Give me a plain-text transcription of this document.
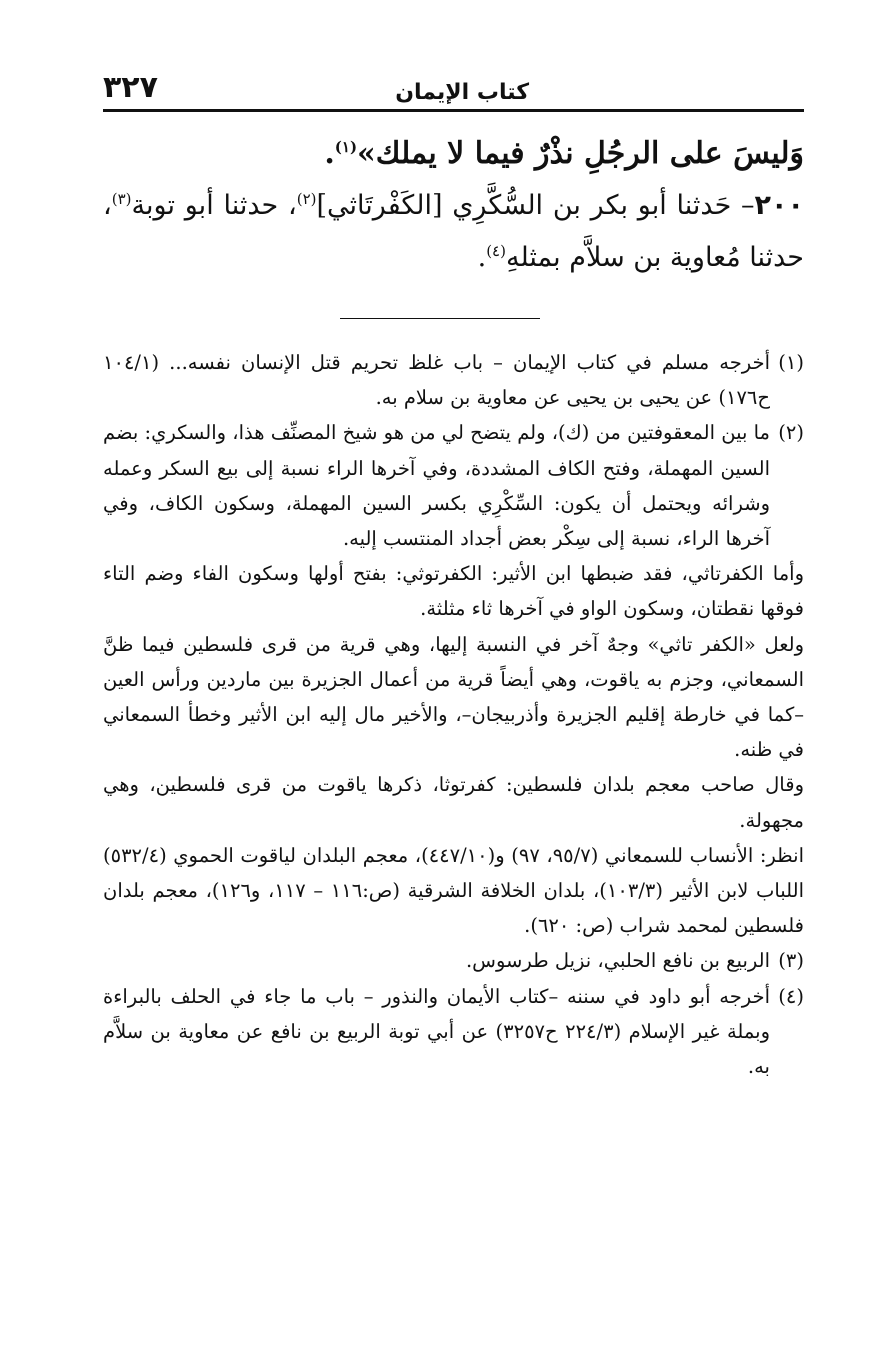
كتاب الإيمان
٣٢٧

وَليسَ على الرجُلِ نذْرٌ فيما لا يملك»$^{(١)}$.

٢٠٠– حَدثنا أبو بكر بن السُّكَّرِي [الكَفْرتَاثي]$^{(٢)}$، حدثنا أبو توبة$^{(٣)}$، حدثنا مُعاوية بن سلاَّم بمثلهِ$^{(٤)}$.

(١)
أخرجه مسلم في كتاب الإيمان – باب غلظ تحريم قتل الإنسان نفسه... (١٠٤/١ ح١٧٦) عن يحيى بن يحيى عن معاوية بن سلام به.
(٢)
ما بين المعقوفتين من (ك)، ولم يتضح لي من هو شيخ المصنِّف هذا، والسكري: بضم السين المهملة، وفتح الكاف المشددة، وفي آخرها الراء نسبة إلى بيع السكر وعمله وشرائه ويحتمل أن يكون: السِّكْرِي بكسر السين المهملة، وسكون الكاف، وفي آخرها الراء، نسبة إلى سِكْر بعض أجداد المنتسب إليه.

وأما الكفرتاثي، فقد ضبطها ابن الأثير: الكفرتوثي: بفتح أولها وسكون الفاء وضم التاء فوقها نقطتان، وسكون الواو في آخرها ثاء مثلثة.

ولعل «الكفر تاثي» وجهٌ آخر في النسبة إليها، وهي قرية من قرى فلسطين فيما ظنَّ السمعاني، وجزم به ياقوت، وهي أيضاً قرية من أعمال الجزيرة بين ماردين ورأس العين –كما في خارطة إقليم الجزيرة وأذربيجان–، والأخير مال إليه ابن الأثير وخطأ السمعاني في ظنه.

وقال صاحب معجم بلدان فلسطين: كفرتوثا، ذكرها ياقوت من قرى فلسطين، وهي مجهولة.

انظر: الأنساب للسمعاني (٩٥/٧، ٩٧) و(٤٤٧/١٠)، معجم البلدان لياقوت الحموي (٥٣٢/٤) اللباب لابن الأثير (١٠٣/٣)، بلدان الخلافة الشرقية (ص:١١٦ – ١١٧، و١٢٦)، معجم بلدان فلسطين لمحمد شراب (ص: ٦٢٠).

(٣)
الربيع بن نافع الحلبي، نزيل طرسوس.
(٤)
أخرجه أبو داود في سننه –كتاب الأيمان والنذور – باب ما جاء في الحلف بالبراءة وبملة غير الإسلام (٢٢٤/٣ ح٣٢٥٧) عن أبي توبة الربيع بن نافع عن معاوية بن سلاَّم به.
